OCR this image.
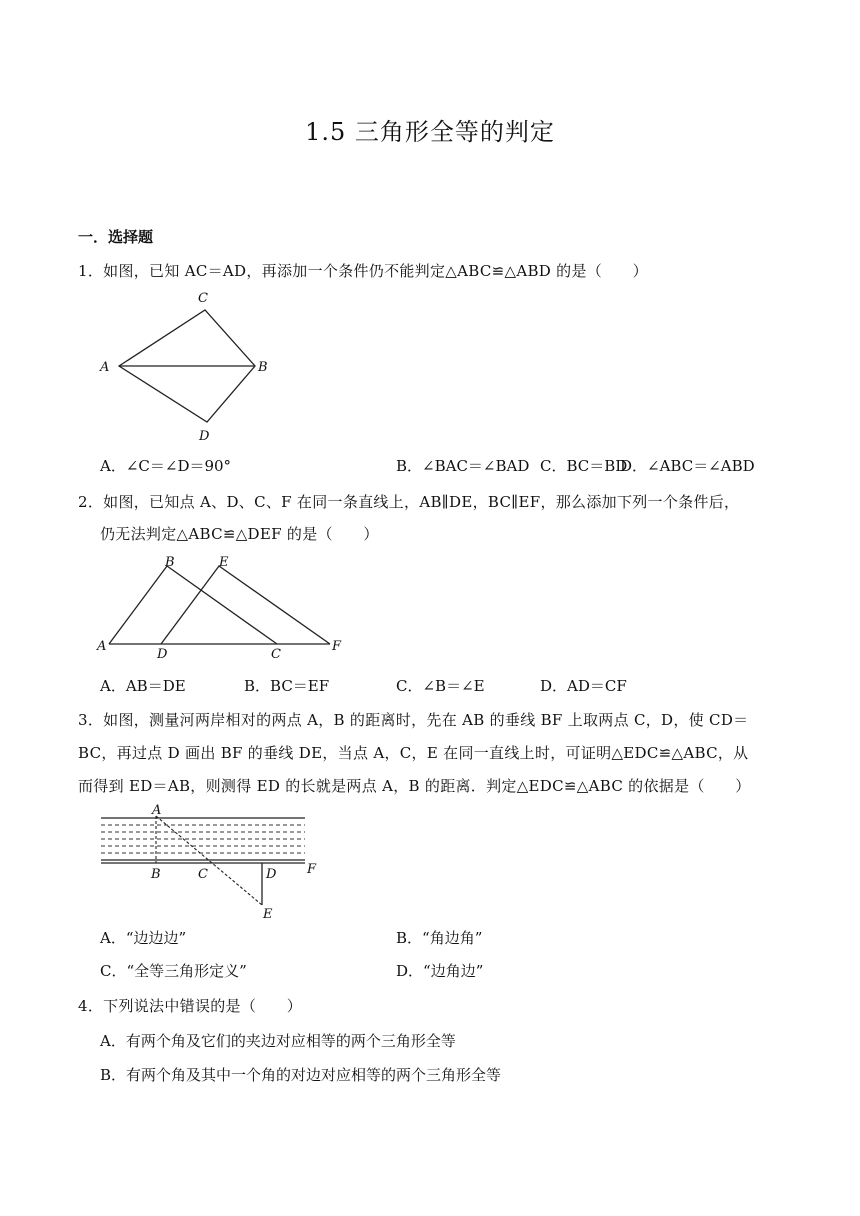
1.5 三角形全等的判定
一．选择题
1．如图，已知 AC＝AD，再添加一个条件仍不能判定△ABC≌△ABD 的是（　　）
A	B
C
D
A．∠C＝∠D＝90°	B．∠BAC＝∠BAD C．BC＝BD
D．∠ABC＝∠ABD
2．如图，已知点 A、D、C、F 在同一条直线上，AB∥DE，BC∥EF，那么添加下列一个条件后，
仍无法判定△ABC≌△DEF 的是（　　）
A
B
D
E
C
F
A．AB＝DE	B．BC＝EF	C．∠B＝∠E	D．AD＝CF
3．如图，测量河两岸相对的两点 A，B 的距离时，先在 AB 的垂线 BF 上取两点 C，D，使 CD＝
BC，再过点 D 画出 BF 的垂线 DE，当点 A，C，E 在同一直线上时，可证明△EDC≌△ABC，从
而得到 ED＝AB，则测得 ED 的长就是两点 A，B 的距离．判定△EDC≌△ABC 的依据是（　　）
A
B	C	D F
E
A．“边边边”	B．“角边角”
C．“全等三角形定义”	D．“边角边”
4．下列说法中错误的是（　　）
A．有两个角及它们的夹边对应相等的两个三角形全等
B．有两个角及其中一个角的对边对应相等的两个三角形全等
